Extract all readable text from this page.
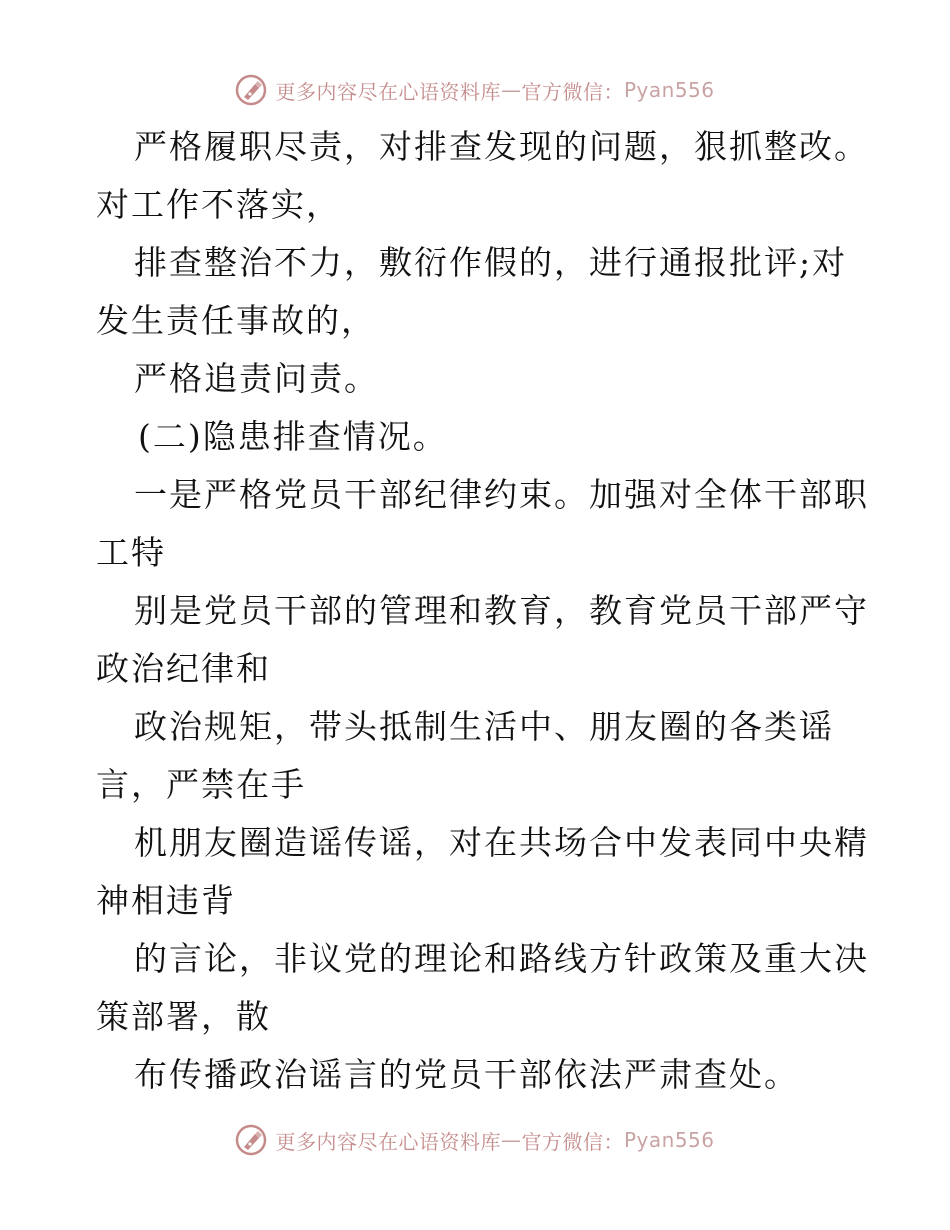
更多内容尽在心语资料库 — 官方微信： Pyan556
严格履职尽责，对排查发现的问题，狠抓整改。
对工作不落实，
排查整治不力，敷衍作假的，进行通报批评;对
发生责任事故的，
严格追责问责。
(二)隐患排查情况。
一是严格党员干部纪律约束。加强对全体干部职
工特
别是党员干部的管理和教育，教育党员干部严守
政治纪律和
政治规矩，带头抵制生活中、朋友圈的各类谣
言，严禁在手
机朋友圈造谣传谣，对在共场合中发表同中央精
神相违背
的言论，非议党的理论和路线方针政策及重大决
策部署，散
布传播政治谣言的党员干部依法严肃查处。
更多内容尽在心语资料库 — 官方微信： Pyan556
